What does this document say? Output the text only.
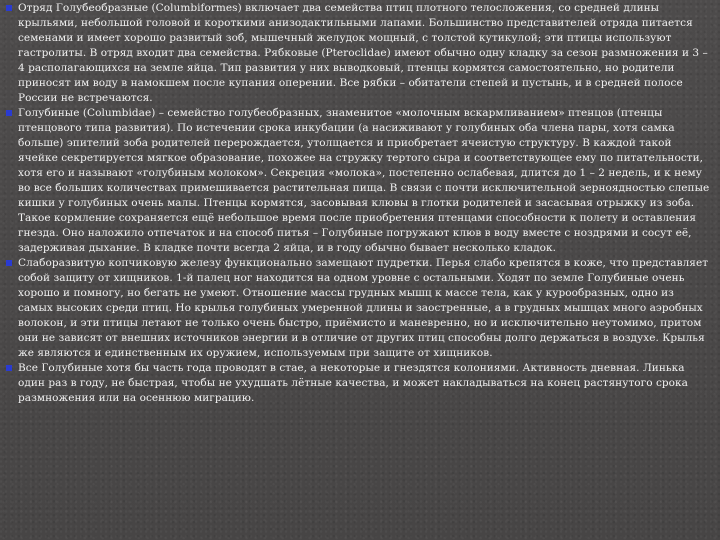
Отряд Голубеобразные (Columbiformes) включает два семейства птиц плотного телосложения, со средней длины крыльями, небольшой головой и короткими анизодактильными лапами. Большинство представителей отряда питается семенами и имеет хорошо развитый зоб, мышечный желудок мощный, с толстой кутикулой; эти птицы используют гастролиты. В отряд входит два семейства. Рябковые (Pteroclidae) имеют обычно одну кладку за сезон размножения и 3 – 4 располагающихся на земле яйца. Тип развития у них выводковый, птенцы кормятся самостоятельно, но родители приносят им воду в намокшем после купания оперении. Все рябки – обитатели степей и пустынь, и в средней полосе России не встречаются.

Голубиные (Columbidae) – семейство голубеобразных, знаменитое «молочным вскармливанием» птенцов (птенцы птенцового типа развития). По истечении срока инкубации (а насиживают у голубиных оба члена пары, хотя самка больше) эпителий зоба родителей перерождается, утолщается и приобретает ячеистую структуру. В каждой такой ячейке секретируется мягкое образование, похожее на стружку тертого сыра и соответствующее ему по питательности, хотя его и называют «голубиным молоком». Секреция «молока», постепенно ослабевая, длится до 1 – 2 недель, и к нему во все больших количествах примешивается растительная пища. В связи с почти исключительной зерноядностью слепые кишки у голубиных очень малы. Птенцы кормятся, засовывая клювы в глотки родителей и засасывая отрыжку из зоба. Такое кормление сохраняется ещё небольшое время после приобретения птенцами способности к полету и оставления гнезда. Оно наложило отпечаток и на способ питья – Голубиные погружают клюв в воду вместе с ноздрями и сосут её, задерживая дыхание. В кладке почти всегда 2 яйца, и в году обычно бывает несколько кладок.

Слаборазвитую копчиковую железу функционально замещают пудретки. Перья слабо крепятся в коже, что представляет собой защиту от хищников. 1-й палец ног находится на одном уровне с остальными. Ходят по земле Голубиные очень хорошо и помногу, но бегать не умеют. Отношение массы грудных мышц к массе тела, как у курообразных, одно из самых высоких среди птиц. Но крылья голубиных умеренной длины и заостренные, а в грудных мышцах много аэробных волокон, и эти птицы летают не только очень быстро, приёмисто и маневренно, но и исключительно неутомимо, притом они не зависят от внешних источников энергии и в отличие от других птиц способны долго держаться в воздухе. Крылья же являются и единственным их оружием, используемым при защите от хищников.

Все Голубиные хотя бы часть года проводят в стае, а некоторые и гнездятся колониями. Активность дневная. Линька один раз в году, не быстрая, чтобы не ухудшать лётные качества, и может накладываться на конец растянутого срока размножения или на осеннюю миграцию.
